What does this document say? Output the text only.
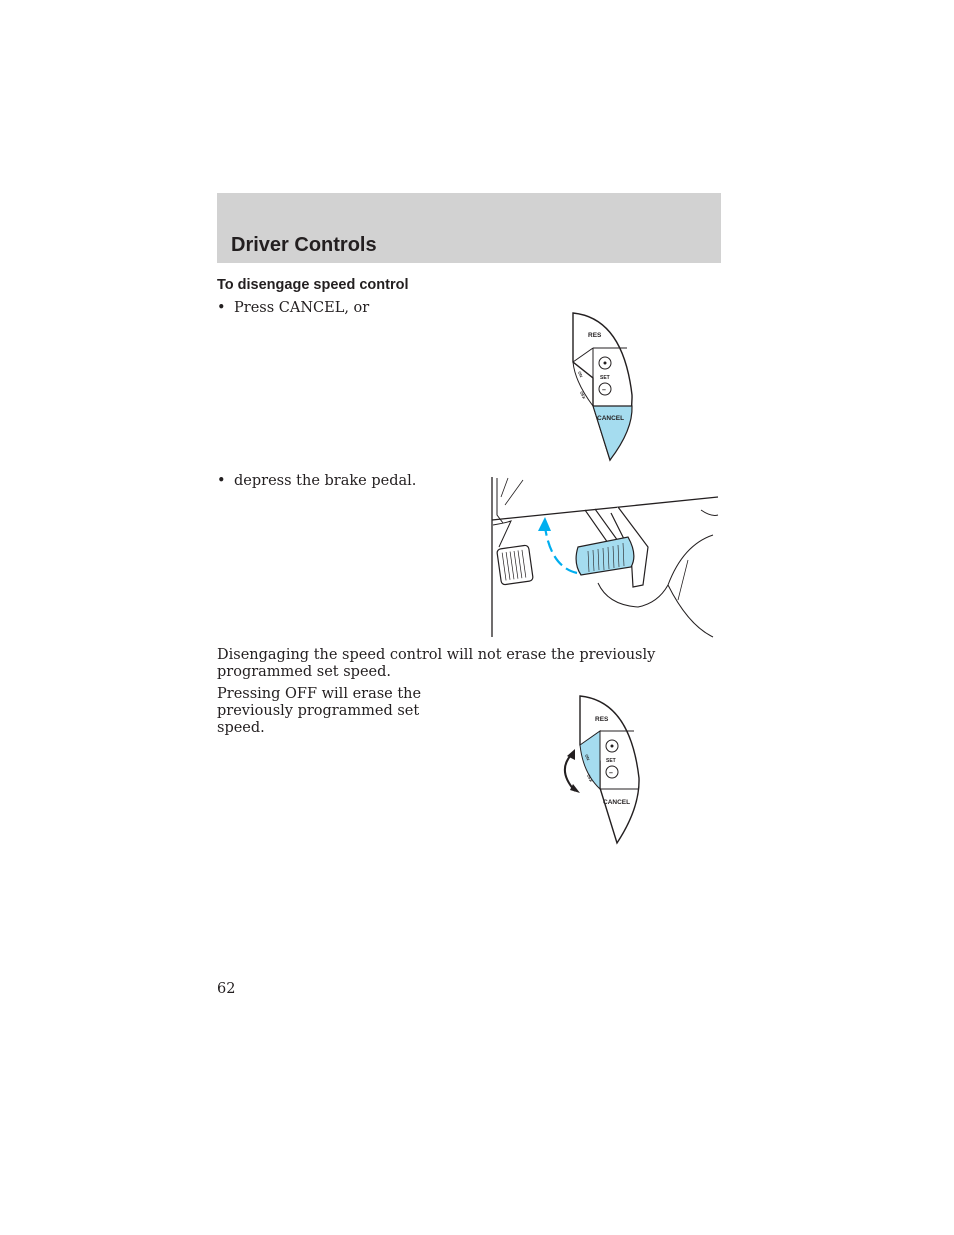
Driver Controls
To disengage speed control
• Press CANCEL, or
RES
SET
–
ON
OFF
CANCEL
• depress the brake pedal.
Disengaging the speed control will not erase the previously programmed set speed.
Pressing OFF will erase the previously programmed set speed.
RES
SET
–
ON
OFF
CANCEL
62
